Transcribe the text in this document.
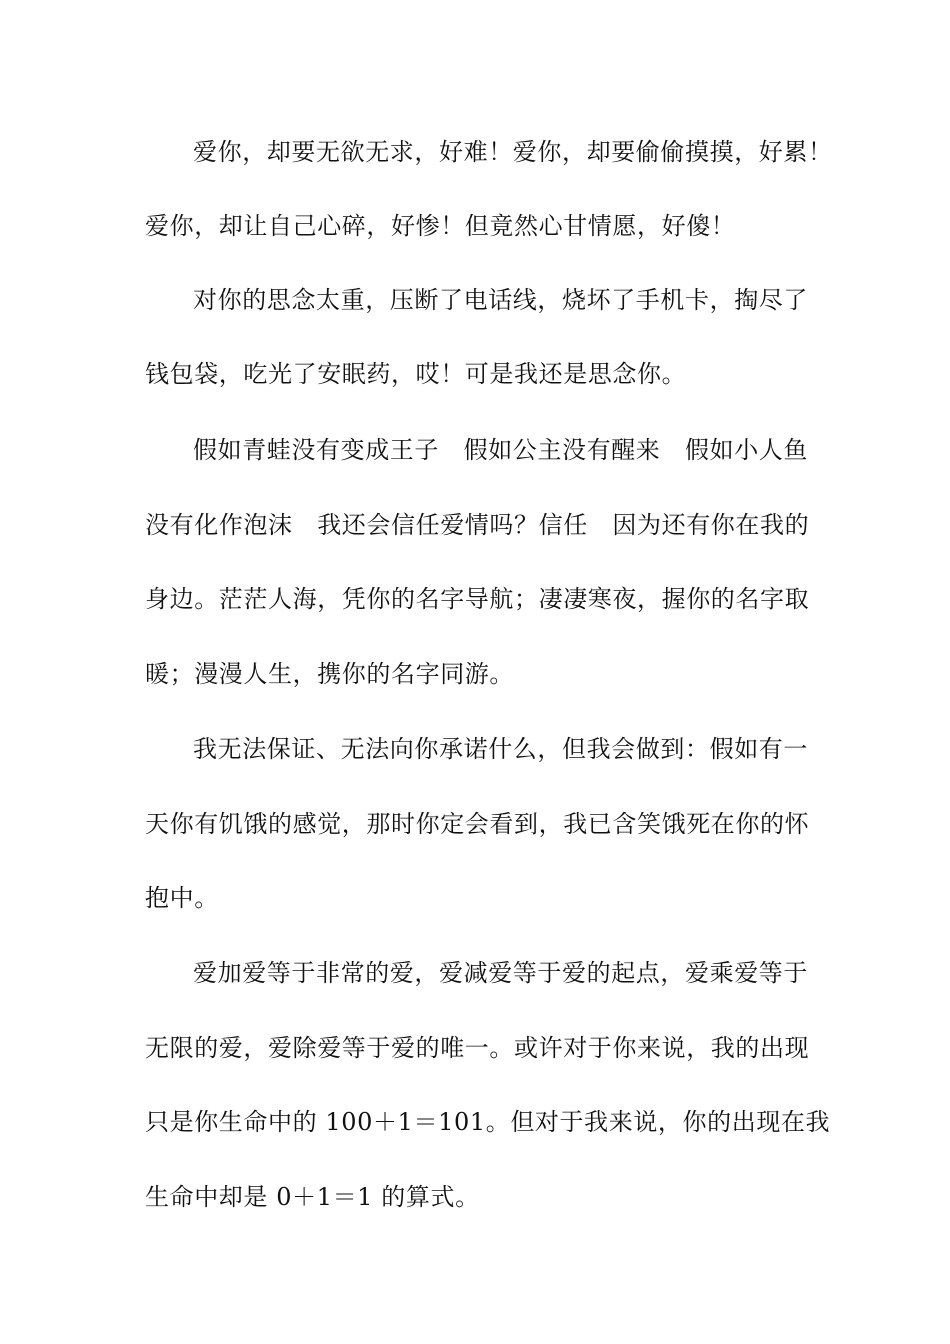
爱你，却要无欲无求，好难！爱你，却要偷偷摸摸，好累！
爱你，却让自己心碎，好惨！但竟然心甘情愿，好傻！
对你的思念太重，压断了电话线，烧坏了手机卡，掏尽了
钱包袋，吃光了安眠药，哎！可是我还是思念你。
假如青蛙没有变成王子　假如公主没有醒来　假如小人鱼
没有化作泡沫　我还会信任爱情吗？信任　因为还有你在我的
身边。茫茫人海，凭你的名字导航；凄凄寒夜，握你的名字取
暖；漫漫人生，携你的名字同游。
我无法保证、无法向你承诺什么，但我会做到：假如有一
天你有饥饿的感觉，那时你定会看到，我已含笑饿死在你的怀
抱中。
爱加爱等于非常的爱，爱减爱等于爱的起点，爱乘爱等于
无限的爱，爱除爱等于爱的唯一。或许对于你来说，我的出现
只是你生命中的 100＋1＝101。但对于我来说，你的出现在我
生命中却是 0＋1＝1 的算式。
